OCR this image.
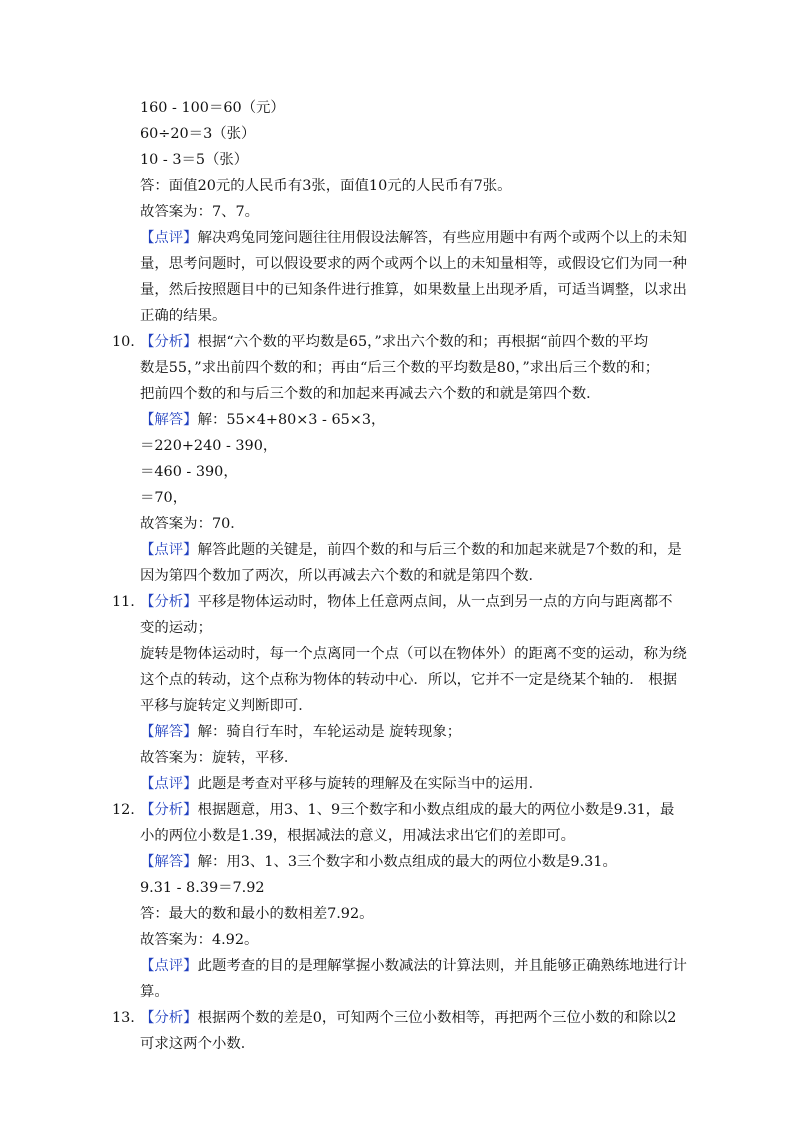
160 - 100＝60（元）
60÷20＝3（张）
10 - 3＝5（张）
答：面值20元的人民币有3张，面值10元的人民币有7张。
故答案为：7、7。
【点评】解决鸡兔同笼问题往往用假设法解答，有些应用题中有两个或两个以上的未知
量，思考问题时，可以假设要求的两个或两个以上的未知量相等，或假设它们为同一种
量，然后按照题目中的已知条件进行推算，如果数量上出现矛盾，可适当调整，以求出
正确的结果。
10. 【分析】根据“六个数的平均数是65，”求出六个数的和；再根据“前四个数的平均
数是55，”求出前四个数的和；再由“后三个数的平均数是80，”求出后三个数的和；
把前四个数的和与后三个数的和加起来再减去六个数的和就是第四个数．
【解答】解：55×4+80×3 - 65×3，
＝220+240 - 390，
＝460 - 390，
＝70，
故答案为：70．
【点评】解答此题的关键是，前四个数的和与后三个数的和加起来就是7个数的和，是
因为第四个数加了两次，所以再减去六个数的和就是第四个数．
11. 【分析】平移是物体运动时，物体上任意两点间，从一点到另一点的方向与距离都不
变的运动；
旋转是物体运动时，每一个点离同一个点（可以在物体外）的距离不变的运动，称为绕
这个点的转动，这个点称为物体的转动中心．所以，它并不一定是绕某个轴的． 根据
平移与旋转定义判断即可．
【解答】解：骑自行车时，车轮运动是 旋转现象；
故答案为：旋转，平移．
【点评】此题是考查对平移与旋转的理解及在实际当中的运用．
12. 【分析】根据题意，用3、1、9三个数字和小数点组成的最大的两位小数是9.31，最
小的两位小数是1.39，根据减法的意义，用减法求出它们的差即可。
【解答】解：用3、1、3三个数字和小数点组成的最大的两位小数是9.31。
9.31 - 8.39＝7.92
答：最大的数和最小的数相差7.92。
故答案为：4.92。
【点评】此题考查的目的是理解掌握小数减法的计算法则，并且能够正确熟练地进行计
算。
13. 【分析】根据两个数的差是0，可知两个三位小数相等，再把两个三位小数的和除以2
可求这两个小数．
